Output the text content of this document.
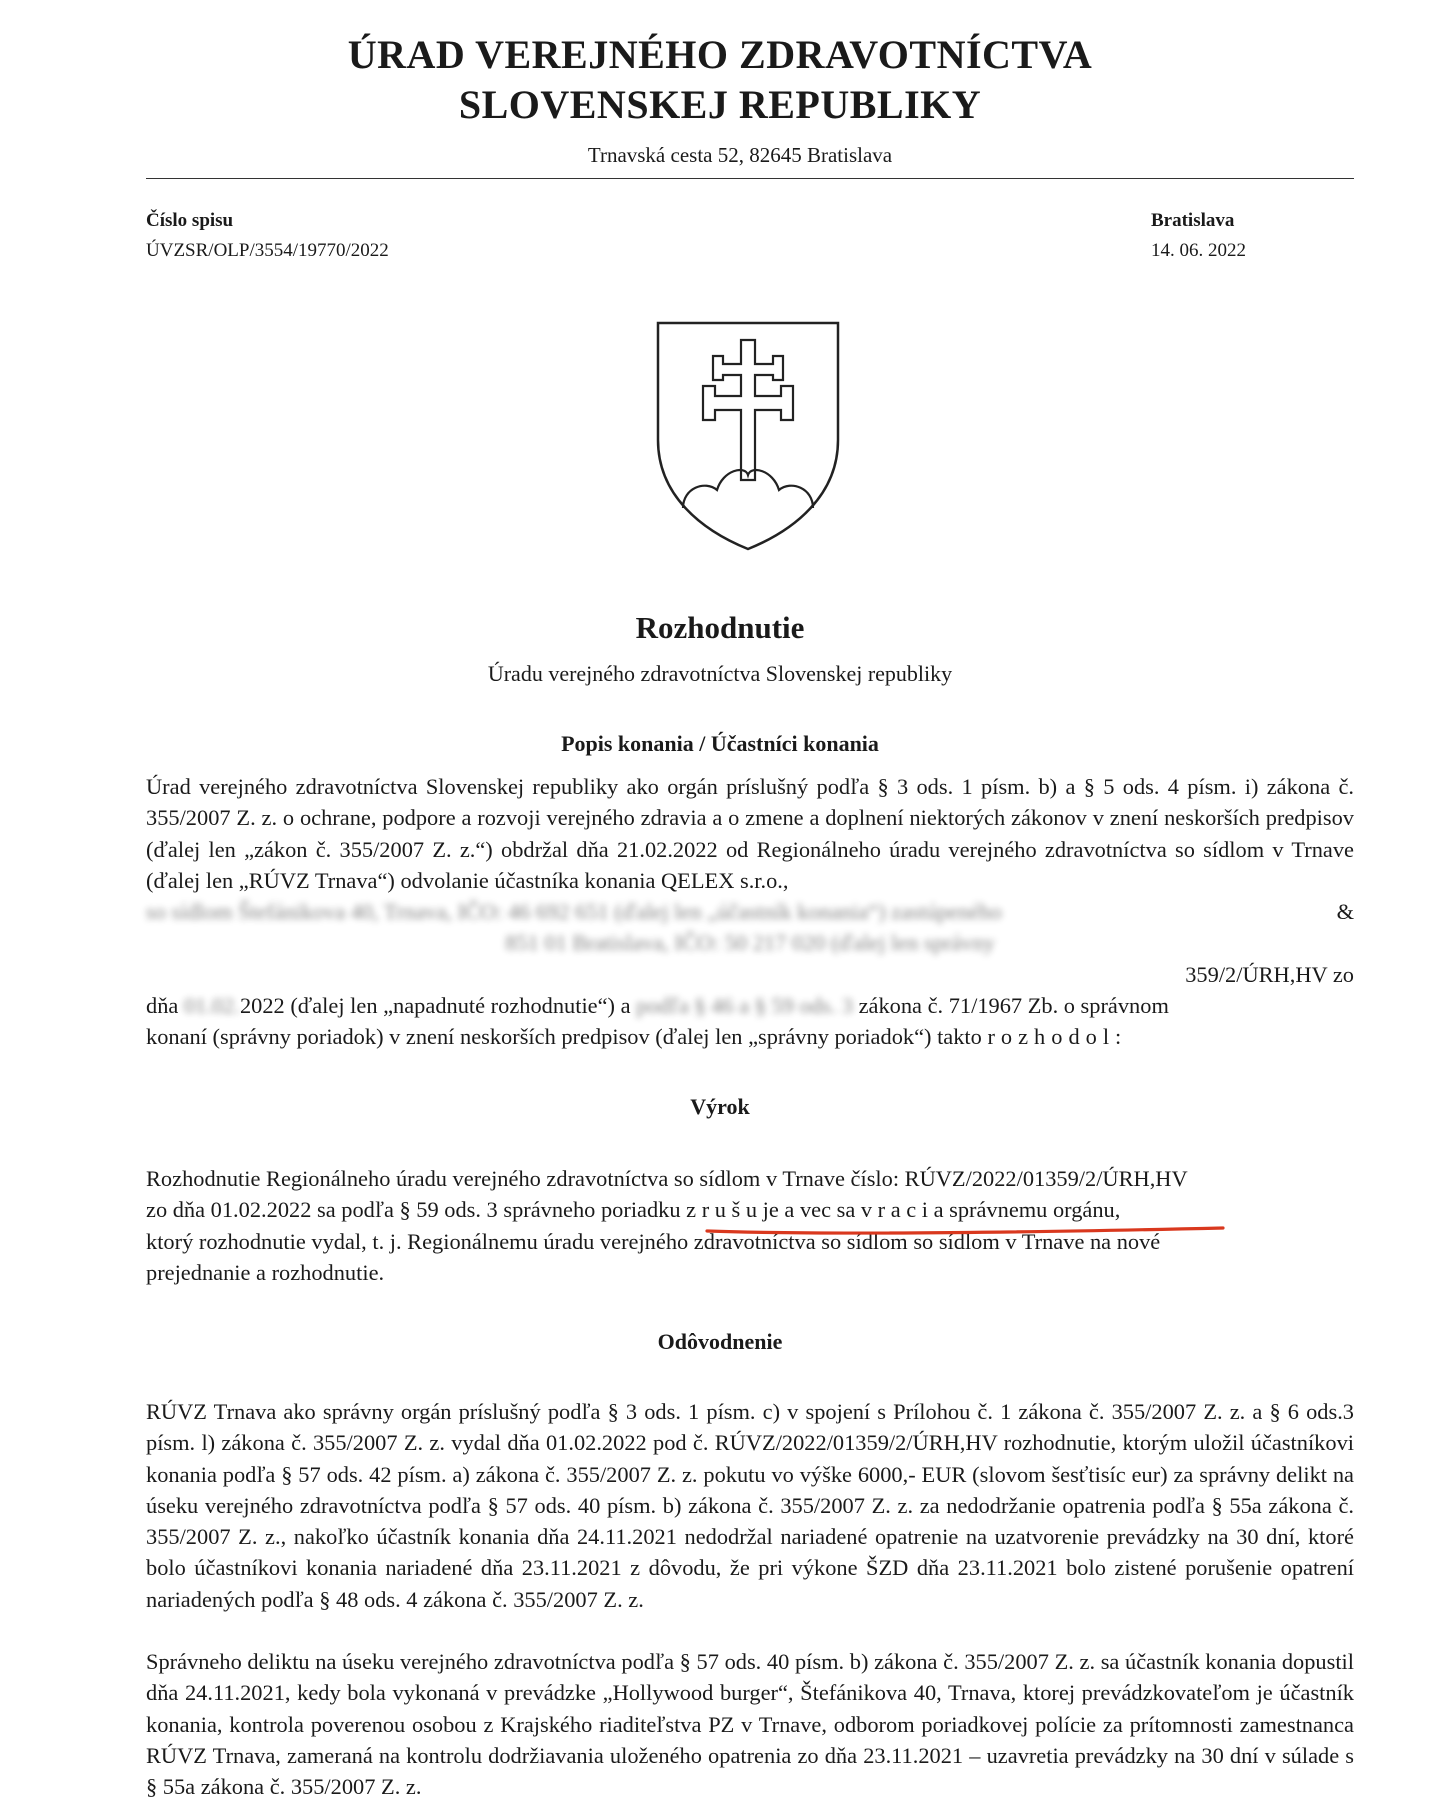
ÚRAD VEREJNÉHO ZDRAVOTNÍCTVA
SLOVENSKEJ REPUBLIKY
Trnavská cesta 52, 82645 Bratislava
Číslo spisu
ÚVZSR/OLP/3554/19770/2022
Bratislava
14. 06. 2022
Rozhodnutie
Úradu verejného zdravotníctva Slovenskej republiky
Popis konania / Účastníci konania
Úrad verejného zdravotníctva Slovenskej republiky ako orgán príslušný podľa § 3 ods. 1 písm. b) a § 5 ods. 4 písm. i) zákona č. 355/2007 Z. z. o ochrane, podpore a rozvoji verejného zdravia a o zmene a doplnení niektorých zákonov v znení neskorších predpisov (ďalej len „zákon č. 355/2007 Z. z.“) obdržal dňa 21.02.2022 od Regionálneho úradu verejného zdravotníctva so sídlom v Trnave (ďalej len „RÚVZ Trnava“) odvolanie účastníka konania QELEX s.r.o.,
so sídlom Štefánikova 40, Trnava, IČO: 46 692 651 (ďalej len „účastník konania“) zastúpeného	&
851 01 Bratislava, IČO: 50 217 020 (ďalej len správny
359/2/ÚRH,HV zo
dňa 01.02.2022 (ďalej len „napadnuté rozhodnutie“) a podľa § 46 a § 59 ods. 3 zákona č. 71/1967 Zb. o správnom
konaní (správny poriadok) v znení neskorších predpisov (ďalej len „správny poriadok“) takto rozhodol:
Výrok
Rozhodnutie Regionálneho úradu verejného zdravotníctva so sídlom v Trnave číslo: RÚVZ/2022/01359/2/ÚRH,HV
zo dňa 01.02.2022 sa podľa § 59 ods. 3 správneho poriadku z r u š u je a vec sa v r a c i a správnemu orgánu,
ktorý rozhodnutie vydal, t. j. Regionálnemu úradu verejného zdravotníctva so sídlom so sídlom v Trnave na nové
prejednanie a rozhodnutie.
Odôvodnenie
RÚVZ Trnava ako správny orgán príslušný podľa § 3 ods. 1 písm. c) v spojení s Prílohou č. 1 zákona č. 355/2007 Z. z. a § 6 ods.3 písm. l) zákona č. 355/2007 Z. z. vydal dňa 01.02.2022 pod č. RÚVZ/2022/01359/2/ÚRH,HV rozhodnutie, ktorým uložil účastníkovi konania podľa § 57 ods. 42 písm. a) zákona č. 355/2007 Z. z. pokutu vo výške 6000,- EUR (slovom šesťtisíc eur) za správny delikt na úseku verejného zdravotníctva podľa § 57 ods. 40 písm. b) zákona č. 355/2007 Z. z. za nedodržanie opatrenia podľa § 55a zákona č. 355/2007 Z. z., nakoľko účastník konania dňa 24.11.2021 nedodržal nariadené opatrenie na uzatvorenie prevádzky na 30 dní, ktoré bolo účastníkovi konania nariadené dňa 23.11.2021 z dôvodu, že pri výkone ŠZD dňa 23.11.2021 bolo zistené porušenie opatrení nariadených podľa § 48 ods. 4 zákona č. 355/2007 Z. z.
Správneho deliktu na úseku verejného zdravotníctva podľa § 57 ods. 40 písm. b) zákona č. 355/2007 Z. z. sa účastník konania dopustil dňa 24.11.2021, kedy bola vykonaná v prevádzke „Hollywood burger“, Štefánikova 40, Trnava, ktorej prevádzkovateľom je účastník konania, kontrola poverenou osobou z Krajského riaditeľstva PZ v Trnave, odborom poriadkovej polície za prítomnosti zamestnanca RÚVZ Trnava, zameraná na kontrolu dodržiavania uloženého opatrenia zo dňa 23.11.2021 – uzavretia prevádzky na 30 dní v súlade s § 55a zákona č. 355/2007 Z. z.
